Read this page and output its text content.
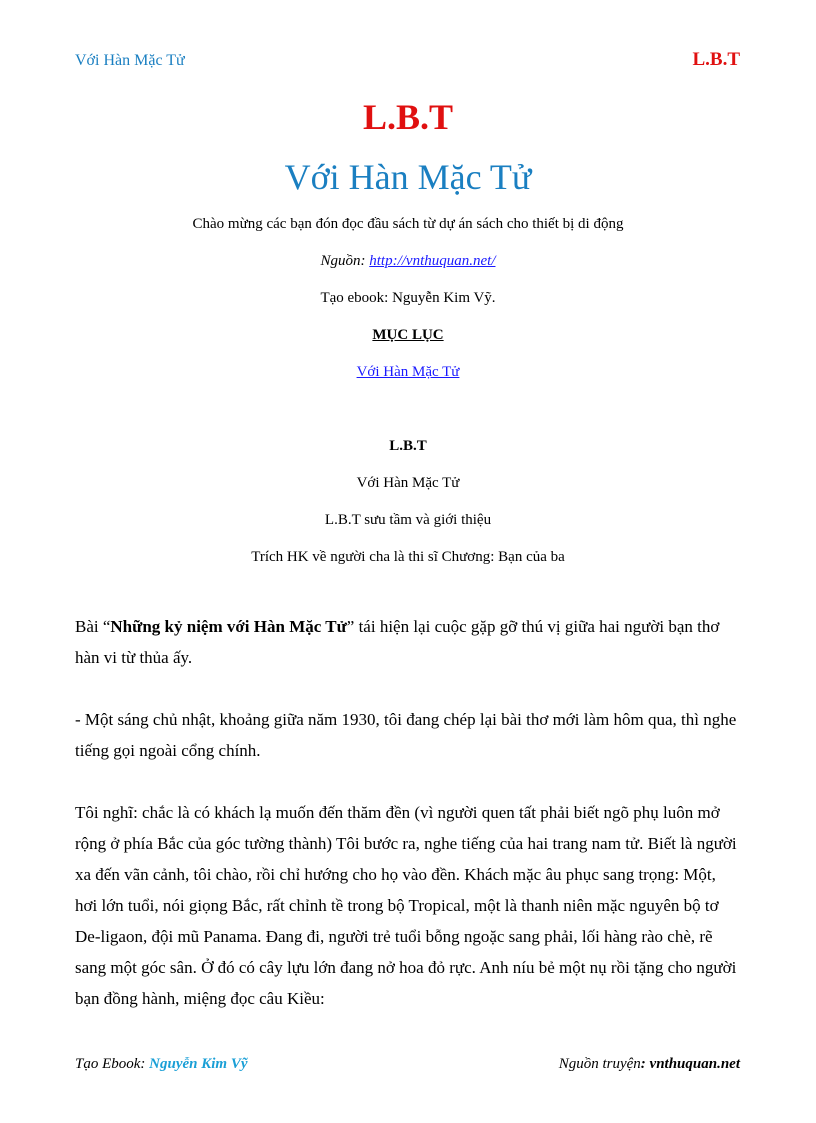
Với Hàn Mặc Tử	L.B.T
L.B.T
Với Hàn Mặc Tử
Chào mừng các bạn đón đọc đầu sách từ dự án sách cho thiết bị di động
Nguồn: http://vnthuquan.net/
Tạo ebook: Nguyễn Kim Vỹ.
MỤC LỤC
Với Hàn Mặc Tử
L.B.T
Với Hàn Mặc Tử
L.B.T sưu tầm và giới thiệu
Trích HK về người cha là thi sĩ Chương: Bạn của ba
Bài “Những kỷ niệm với Hàn Mặc Tử” tái hiện lại cuộc gặp gỡ thú vị giữa hai người bạn thơ hàn vi từ thủa ấy.
- Một sáng chủ nhật, khoảng giữa năm 1930, tôi đang chép lại bài thơ mới làm hôm qua, thì nghe tiếng gọi ngoài cổng chính.
Tôi nghĩ: chắc là có khách lạ muốn đến thăm đền (vì người quen tất phải biết ngõ phụ luôn mở rộng ở phía Bắc của góc tường thành) Tôi bước ra, nghe tiếng của hai trang nam tử. Biết là người xa đến vãn cảnh, tôi chào, rồi chỉ hướng cho họ vào đền. Khách mặc âu phục sang trọng: Một, hơi lớn tuổi, nói giọng Bắc, rất chỉnh tề trong bộ Tropical, một là thanh niên mặc nguyên bộ tơ De-ligaon, đội mũ Panama. Đang đi, người trẻ tuổi bỗng ngoặc sang phải, lối hàng rào chè, rẽ sang một góc sân. Ở đó có cây lựu lớn đang nở hoa đỏ rực. Anh níu bẻ một nụ rồi tặng cho người bạn đồng hành, miệng đọc câu Kiều:
Tạo Ebook: Nguyễn Kim Vỹ	Nguồn truyện: vnthuquan.net
